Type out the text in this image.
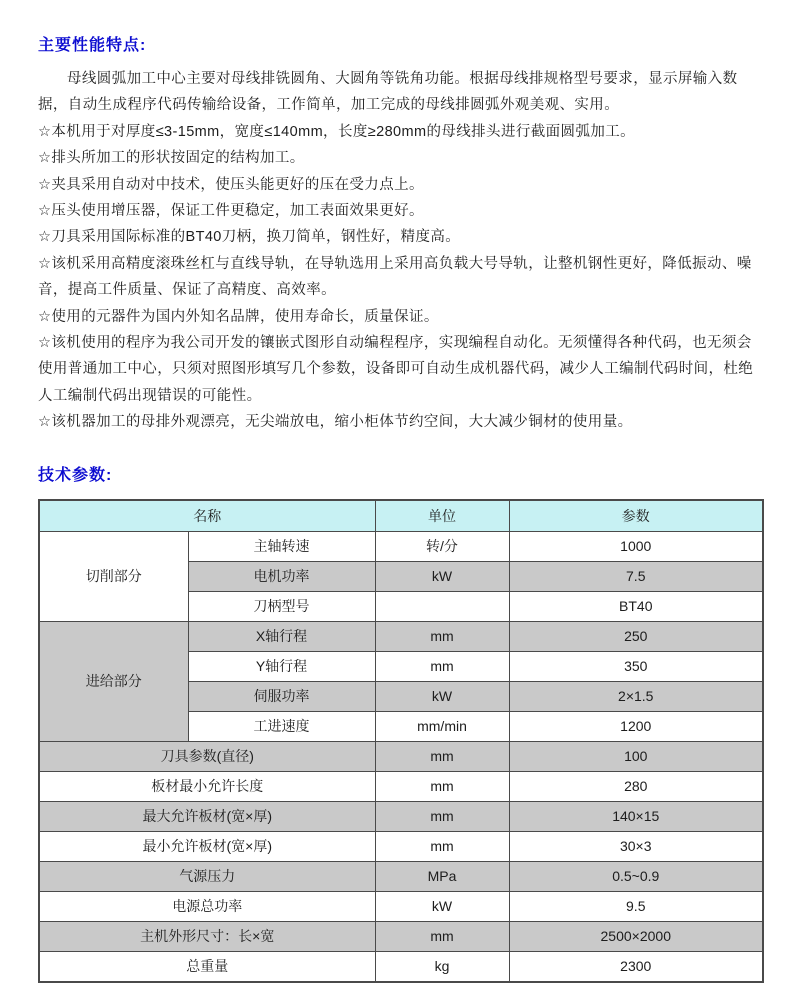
主要性能特点:

母线圆弧加工中心主要对母线排铣圆角、大圆角等铣角功能。根据母线排规格型号要求，显示屏输入数据，自动生成程序代码传输给设备，工作简单，加工完成的母线排圆弧外观美观、实用。

☆本机用于对厚度≤3-15mm，宽度≤140mm，长度≥280mm的母线排头进行截面圆弧加工。

☆排头所加工的形状按固定的结构加工。

☆夹具采用自动对中技术，使压头能更好的压在受力点上。

☆压头使用增压器，保证工件更稳定，加工表面效果更好。

☆刀具采用国际标准的BT40刀柄，换刀简单，钢性好，精度高。

☆该机采用高精度滚珠丝杠与直线导轨，在导轨选用上采用高负载大号导轨，让整机钢性更好，降低振动、噪音，提高工件质量、保证了高精度、高效率。

☆使用的元器件为国内外知名品牌，使用寿命长，质量保证。

☆该机使用的程序为我公司开发的镶嵌式图形自动编程程序，实现编程自动化。无须懂得各种代码，也无须会使用普通加工中心，只须对照图形填写几个参数，设备即可自动生成机器代码，减少人工编制代码时间，杜绝人工编制代码出现错误的可能性。

☆该机器加工的母排外观漂亮，无尖端放电，缩小柜体节约空间，大大减少铜材的使用量。

技术参数:
名称		单位	参数
切削部分	主轴转速	转/分	1000
	电机功率	kW	7.5
	刀柄型号		BT40
进给部分	X轴行程	mm	250
	Y轴行程	mm	350
	伺服功率	kW	2×1.5
	工进速度	mm/min	1200
刀具参数(直径)		mm	100
板材最小允许长度		mm	280
最大允许板材(宽×厚)		mm	140×15
最小允许板材(宽×厚)		mm	30×3
气源压力		MPa	0.5~0.9
电源总功率		kW	9.5
主机外形尺寸：长×宽		mm	2500×2000
总重量		kg	2300
